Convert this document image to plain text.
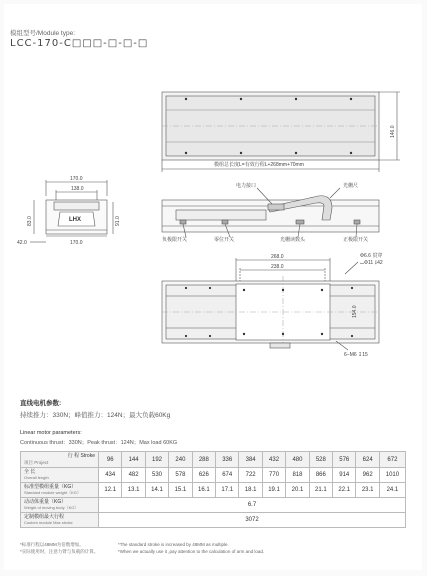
模组型号/Module type:
LCC-170-C□□□-□-□-□
146.0
模组总长度L=有效行程L+268mm+70mm
LHX
170.0
138.0
170.0
83.0	91.0
42.0
电力接口	光栅尺
负极限开关	零位开关	光栅读数头	正极限开关
268.0
238.0
154.0
Φ6.6 贯穿
⌴Φ11 ↧42
6−M6 ↧15
直线电机参数:
持续推力：330N；峰值推力：124N；最大负载60Kg
Linear motor parameters:
Continuous thrust：330N；Peak thrust：124N；Max load 60KG
行 程 Stroke
项目 Project	96	144	192	240	288	336	384	432	480	528	576	624	672
全 长
Overall length	434	482	530	578	626	674	722	770	818	866	914	962	1010
标准型模组重量（KG）
Standard module weight（KG）	12.1	13.1	14.1	15.1	16.1	17.1	18.1	19.1	20.1	21.1	22.1	23.1	24.1
动动体重量（KG）
Weight of moving body（KG）	6.7												
定制模组最大行程
Custom module Max stroke	3072												
*标准行程以48MM为倍数增加。
*实际使用时，注意力臂与负载的计算。
*The standard stroke is increased by 48MM as multiple.
*When we actually use it ,pay attention to the calculation of arm and load.
